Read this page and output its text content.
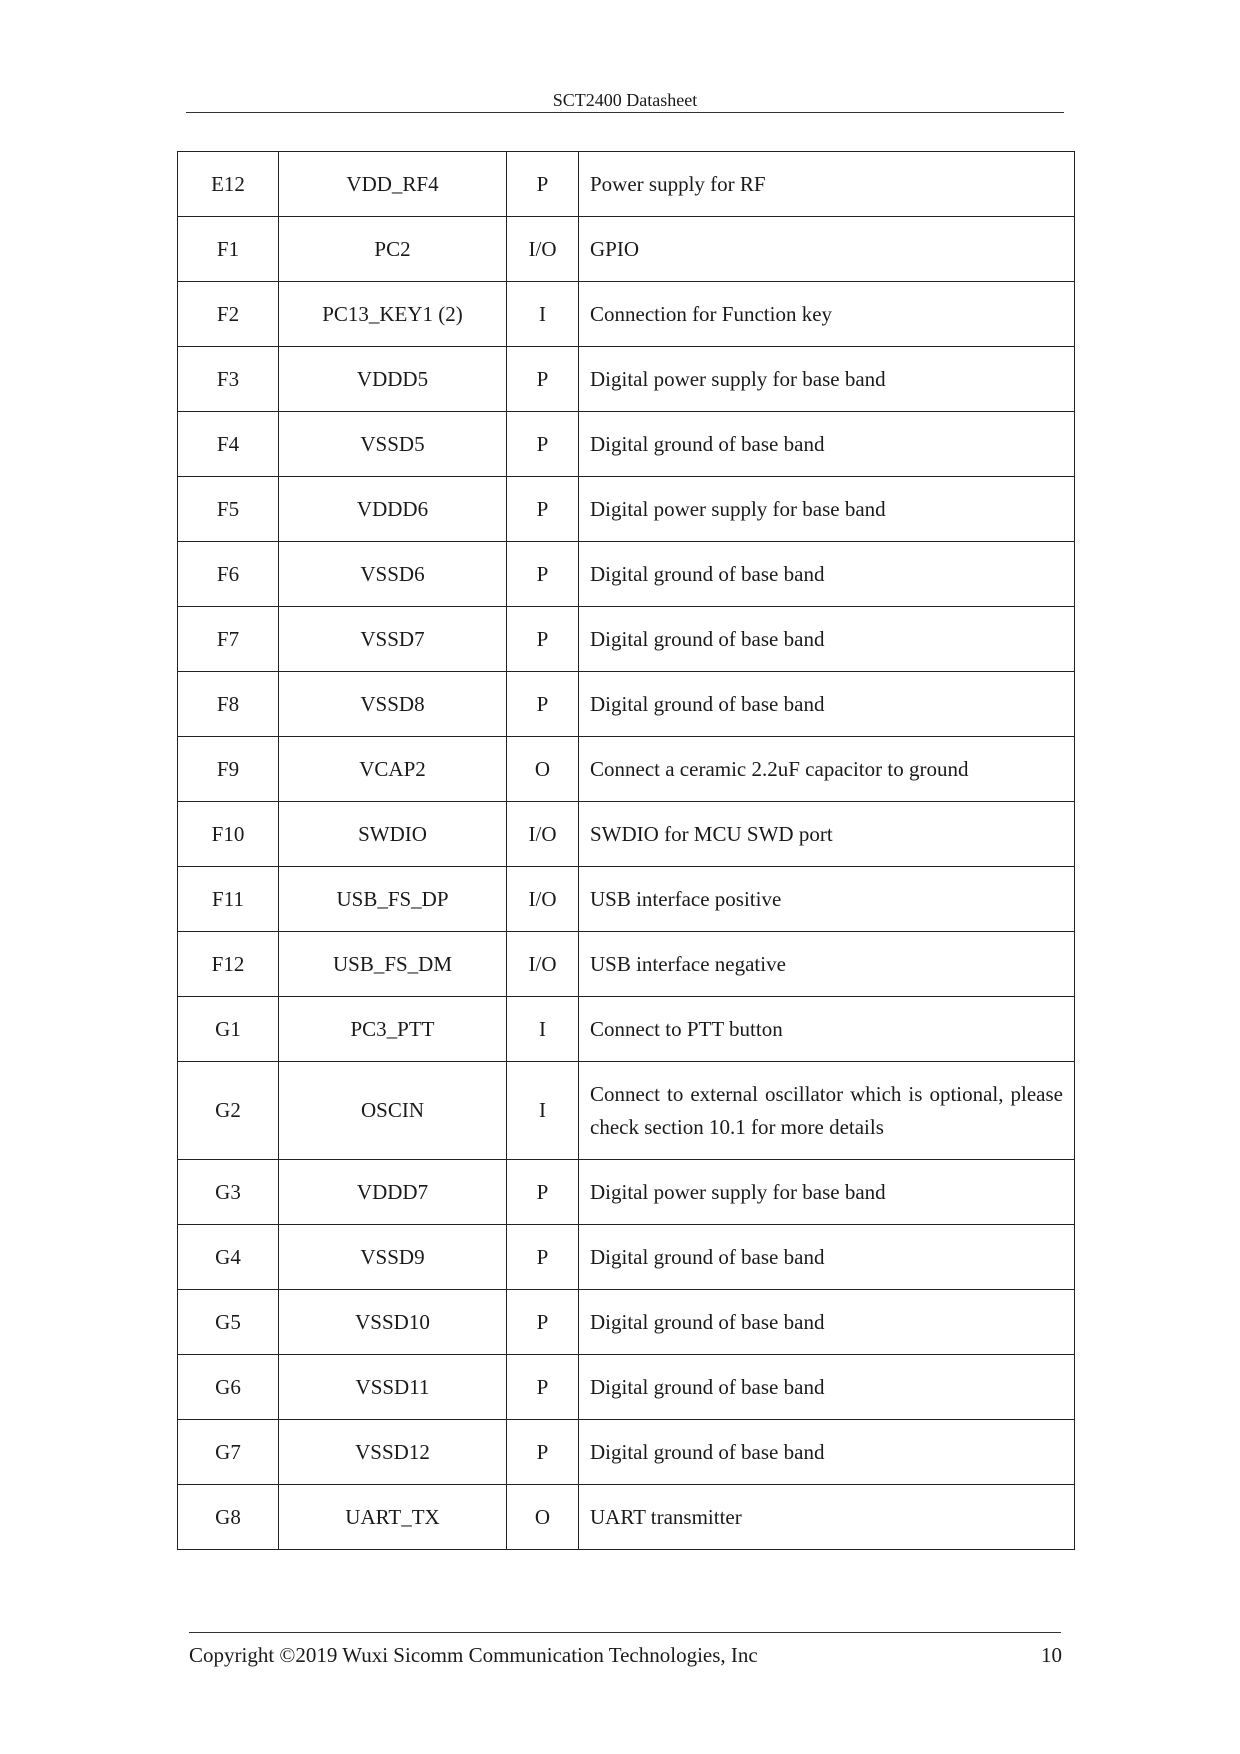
SCT2400 Datasheet
E12	VDD_RF4	P	Power supply for RF
F1	PC2	I/O	GPIO
F2	PC13_KEY1 (2)	I	Connection for Function key
F3	VDDD5	P	Digital power supply for base band
F4	VSSD5	P	Digital ground of base band
F5	VDDD6	P	Digital power supply for base band
F6	VSSD6	P	Digital ground of base band
F7	VSSD7	P	Digital ground of base band
F8	VSSD8	P	Digital ground of base band
F9	VCAP2	O	Connect a ceramic 2.2uF capacitor to ground
F10	SWDIO	I/O	SWDIO for MCU SWD port
F11	USB_FS_DP	I/O	USB interface positive
F12	USB_FS_DM	I/O	USB interface negative
G1	PC3_PTT	I	Connect to PTT button
G2	OSCIN	I	Connect to external oscillator which is optional, please check section 10.1 for more details
G3	VDDD7	P	Digital power supply for base band
G4	VSSD9	P	Digital ground of base band
G5	VSSD10	P	Digital ground of base band
G6	VSSD11	P	Digital ground of base band
G7	VSSD12	P	Digital ground of base band
G8	UART_TX	O	UART transmitter
Copyright ©2019 Wuxi Sicomm Communication Technologies, Inc	10
